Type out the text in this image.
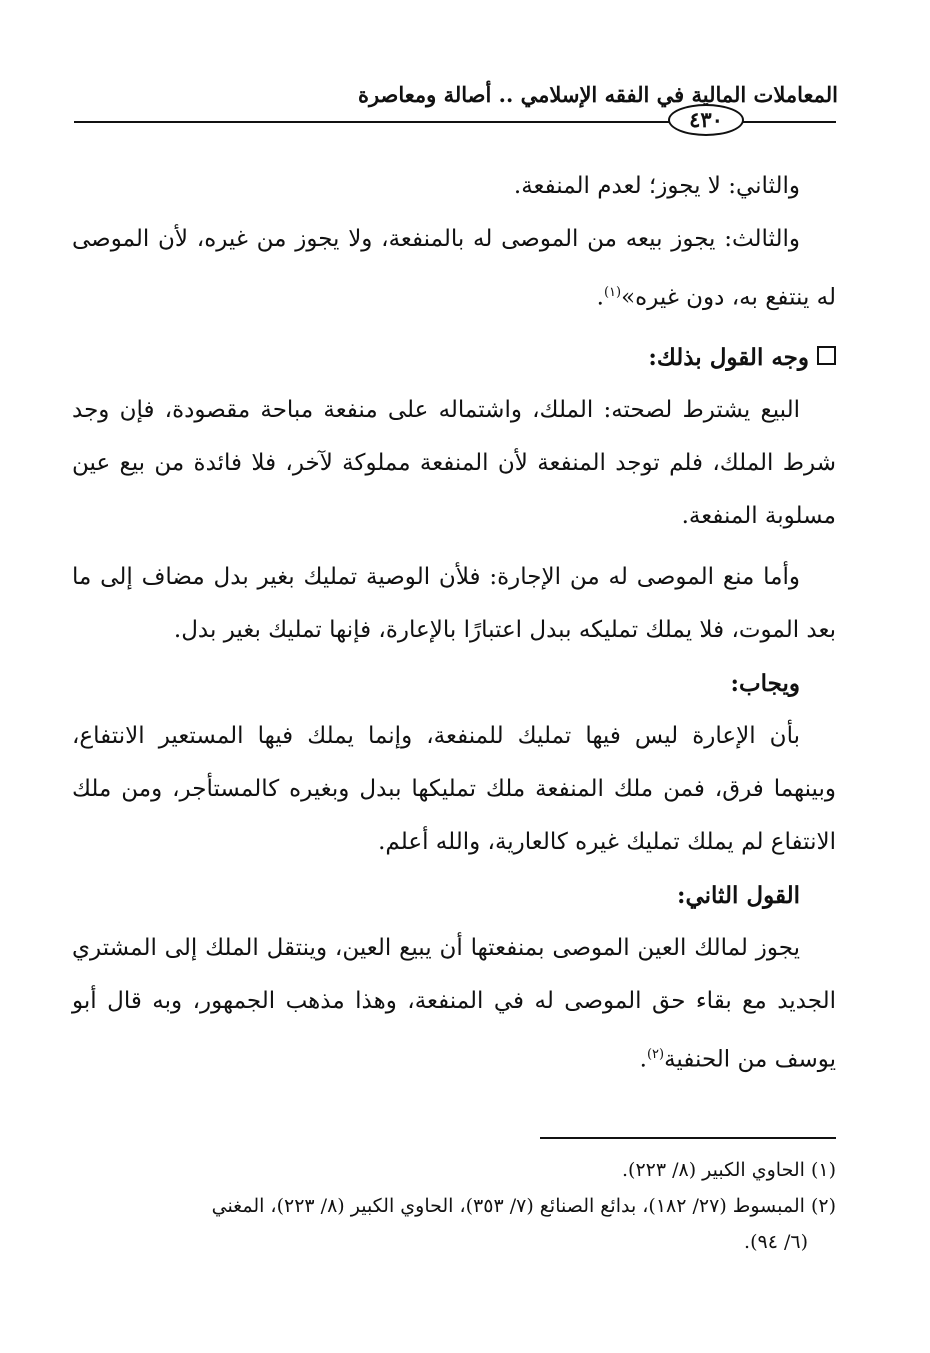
المعاملات المالية في الفقه الإسلامي .. أصالة ومعاصرة
٤٣٠

والثاني: لا يجوز؛ لعدم المنفعة.

والثالث: يجوز بيعه من الموصى له بالمنفعة، ولا يجوز من غيره، لأن الموصى له ينتفع به، دون غيره»$^{(١)}$.

وجه القول بذلك:

البيع يشترط لصحته: الملك، واشتماله على منفعة مباحة مقصودة، فإن وجد شرط الملك، فلم توجد المنفعة لأن المنفعة مملوكة لآخر، فلا فائدة من بيع عين مسلوبة المنفعة.

وأما منع الموصى له من الإجارة: فلأن الوصية تمليك بغير بدل مضاف إلى ما بعد الموت، فلا يملك تمليكه ببدل اعتبارًا بالإعارة، فإنها تمليك بغير بدل.

ويجاب:

بأن الإعارة ليس فيها تمليك للمنفعة، وإنما يملك فيها المستعير الانتفاع، وبينهما فرق، فمن ملك المنفعة ملك تمليكها ببدل وبغيره كالمستأجر، ومن ملك الانتفاع لم يملك تمليك غيره كالعارية، والله أعلم.

القول الثاني:

يجوز لمالك العين الموصى بمنفعتها أن يبيع العين، وينتقل الملك إلى المشتري الجديد مع بقاء حق الموصى له في المنفعة، وهذا مذهب الجمهور، وبه قال أبو يوسف من الحنفية$^{(٢)}$.

(١) الحاوي الكبير (٨/ ٢٢٣).

(٢) المبسوط (٢٧/ ١٨٢)، بدائع الصنائع (٧/ ٣٥٣)، الحاوي الكبير (٨/ ٢٢٣)، المغني

(٦/ ٩٤).
